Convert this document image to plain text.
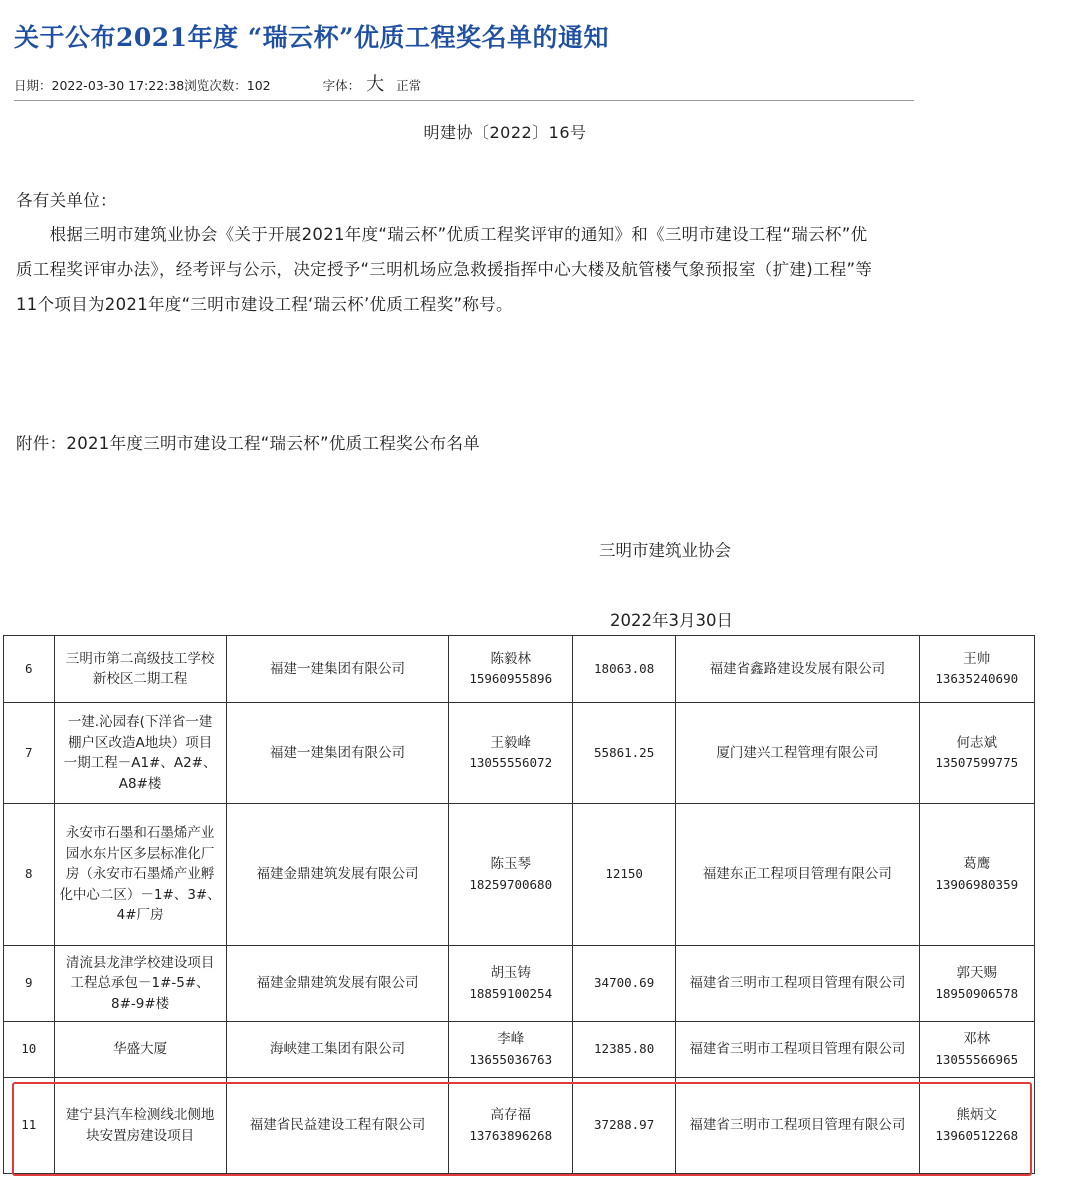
关于公布2021年度 “瑞云杯”优质工程奖名单的通知
日期：2022-03-30 17:22:38浏览次数：102	字体： 大 正常
明建协〔2022〕16号
各有关单位：
　　根据三明市建筑业协会《关于开展2021年度“瑞云杯”优质工程奖评审的通知》和《三明市建设工程“瑞云杯”优
质工程奖评审办法》，经考评与公示，决定授予“三明机场应急救援指挥中心大楼及航管楼气象预报室（扩建)工程”等
11个项目为2021年度“三明市建设工程‘瑞云杯’优质工程奖”称号。
附件：2021年度三明市建设工程“瑞云杯”优质工程奖公布名单
三明市建筑业协会
2022年3月30日
6	三明市第二高级技工学校
新校区二期工程	福建一建集团有限公司	陈毅林
15960955896	18063.08	福建省鑫路建设发展有限公司	王帅
13635240690

7	一建.沁园春(下洋省一建
棚户区改造A地块）项目
一期工程－A1#、A2#、
A8#楼	福建一建集团有限公司	王毅峰
13055556072	55861.25	厦门建兴工程管理有限公司	何志斌
13507599775

8	永安市石墨和石墨烯产业
园水东片区多层标准化厂
房（永安市石墨烯产业孵
化中心二区）－1#、3#、
4#厂房	福建金鼎建筑发展有限公司	陈玉琴
18259700680	12150	福建东正工程项目管理有限公司	葛鹰
13906980359

9	清流县龙津学校建设项目
工程总承包－1#-5#、
8#-9#楼	福建金鼎建筑发展有限公司	胡玉铸
18859100254	34700.69	福建省三明市工程项目管理有限公司	郭天赐
18950906578

10	华盛大厦	海峡建工集团有限公司	李峰
13655036763	12385.80	福建省三明市工程项目管理有限公司	邓林
13055566965

11	建宁县汽车检测线北侧地
块安置房建设项目	福建省民益建设工程有限公司	高存福
13763896268	37288.97	福建省三明市工程项目管理有限公司	熊炳文
13960512268
